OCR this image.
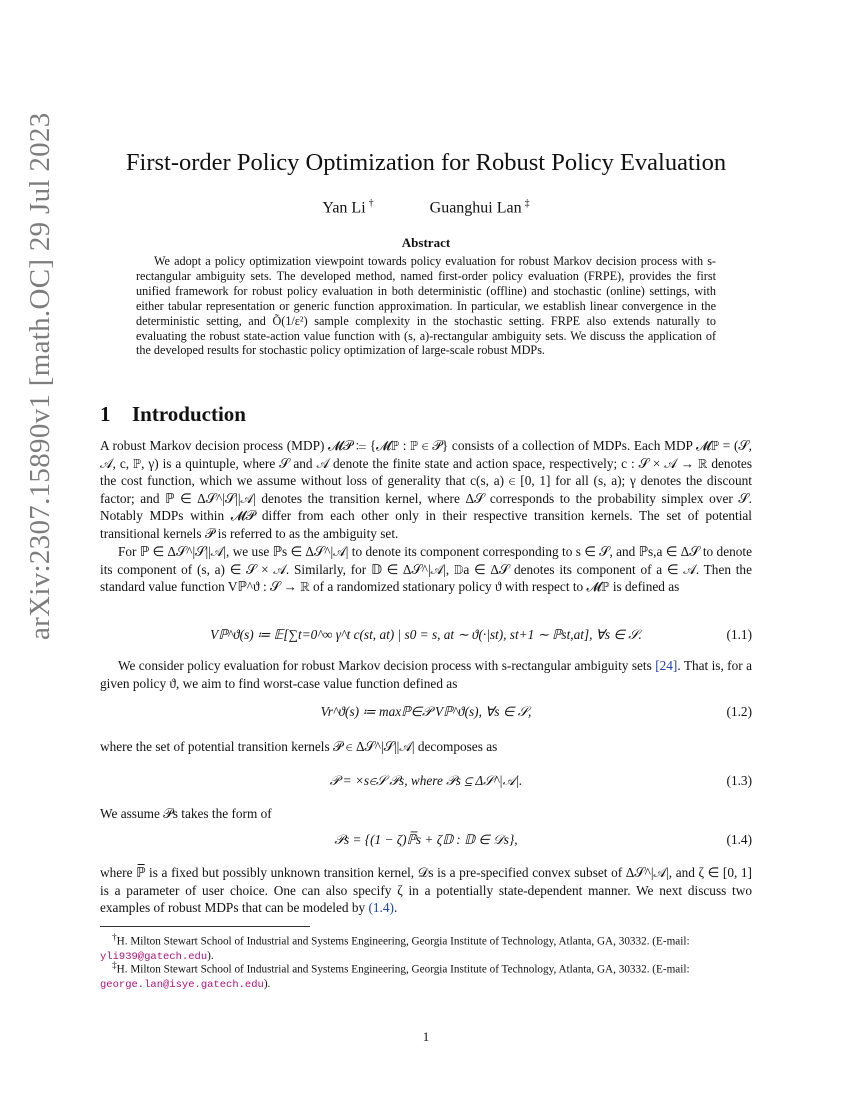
arXiv:2307.15890v1 [math.OC] 29 Jul 2023	First-order Policy Optimization for Robust Policy Evaluation
Yan Li †	Guanghui Lan ‡
Abstract

We adopt a policy optimization viewpoint towards policy evaluation for robust Markov decision process with s-rectangular ambiguity sets. The developed method, named first-order policy evaluation (FRPE), provides the first unified framework for robust policy evaluation in both deterministic (offline) and stochastic (online) settings, with either tabular representation or generic function approximation. In particular, we establish linear convergence in the deterministic setting, and Õ(1/ε²) sample complexity in the stochastic setting. FRPE also extends naturally to evaluating the robust state-action value function with (s, a)-rectangular ambiguity sets. We discuss the application of the developed results for stochastic policy optimization of large-scale robust MDPs.

1 Introduction

A robust Markov decision process (MDP) 𝓜𝒫 ≔ {𝓜ℙ : ℙ ∈ 𝒫} consists of a collection of MDPs. Each MDP 𝓜ℙ = (𝒮, 𝒜, c, ℙ, γ) is a quintuple, where 𝒮 and 𝒜 denote the finite state and action space, respectively; c : 𝒮 × 𝒜 → ℝ denotes the cost function, which we assume without loss of generality that c(s, a) ∈ [0, 1] for all (s, a); γ denotes the discount factor; and ℙ ∈ Δ𝒮^|𝒮||𝒜| denotes the transition kernel, where Δ𝒮 corresponds to the probability simplex over 𝒮. Notably MDPs within 𝓜𝒫 differ from each other only in their respective transition kernels. The set of potential transitional kernels 𝒫 is referred to as the ambiguity set.

For ℙ ∈ Δ𝒮^|𝒮||𝒜|, we use ℙs ∈ Δ𝒮^|𝒜| to denote its component corresponding to s ∈ 𝒮, and ℙs,a ∈ Δ𝒮 to denote its component of (s, a) ∈ 𝒮 × 𝒜. Similarly, for 𝔻 ∈ Δ𝒮^|𝒜|, 𝔻a ∈ Δ𝒮 denotes its component of a ∈ 𝒜. Then the standard value function Vℙ^ϑ : 𝒮 → ℝ of a randomized stationary policy ϑ with respect to 𝓜ℙ is defined as

Vℙ^ϑ(s) ≔ 𝔼[∑t=0^∞ γ^t c(st, at) | s0 = s, at ∼ ϑ(·|st), st+1 ∼ ℙst,at], ∀s ∈ 𝒮.	(1.1)

We consider policy evaluation for robust Markov decision process with s-rectangular ambiguity sets [24]. That is, for a given policy ϑ, we aim to find worst-case value function defined as

Vr^ϑ(s) ≔ maxℙ∈𝒫 Vℙ^ϑ(s), ∀s ∈ 𝒮,	(1.2)

where the set of potential transition kernels 𝒫 ∈ Δ𝒮^|𝒮||𝒜| decomposes as

𝒫 = ×s∈𝒮 𝒫s, where 𝒫s ⊆ Δ𝒮^|𝒜|.	(1.3)

We assume 𝒫s takes the form of

𝒫s = {(1 − ζ)ℙ̅s + ζ𝔻 : 𝔻 ∈ 𝒟s},	(1.4)

where ℙ̅ is a fixed but possibly unknown transition kernel, 𝒟s is a pre-specified convex subset of Δ𝒮^|𝒜|, and ζ ∈ [0, 1] is a parameter of user choice. One can also specify ζ in a potentially state-dependent manner. We next discuss two examples of robust MDPs that can be modeled by (1.4).

†H. Milton Stewart School of Industrial and Systems Engineering, Georgia Institute of Technology, Atlanta, GA, 30332. (E-mail: yli939@gatech.edu).

‡H. Milton Stewart School of Industrial and Systems Engineering, Georgia Institute of Technology, Atlanta, GA, 30332. (E-mail: george.lan@isye.gatech.edu).

1
